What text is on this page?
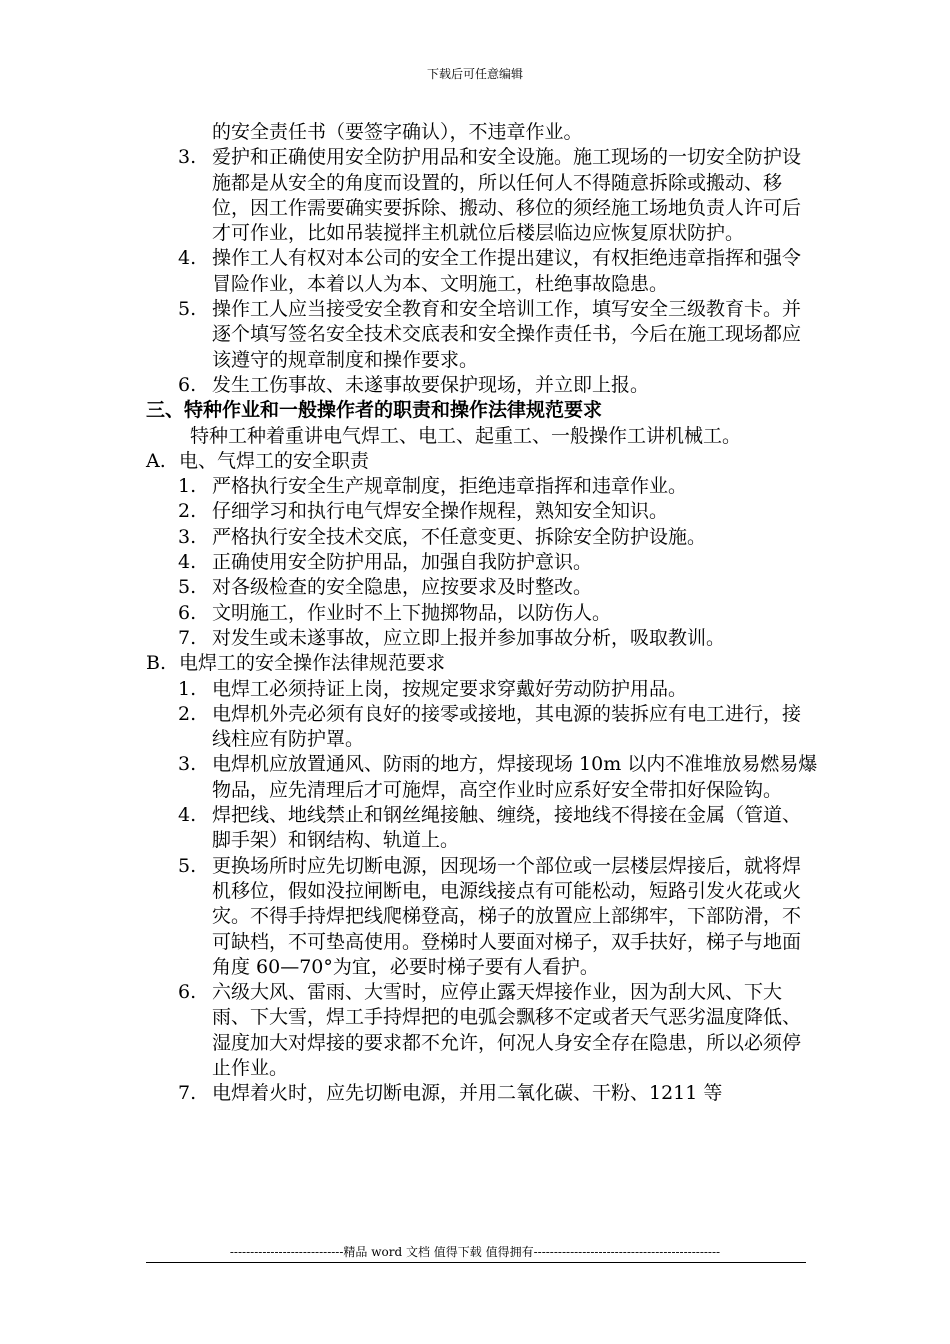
下载后可任意编辑

的安全责任书（要签字确认），不违章作业。

3. 爱护和正确使用安全防护用品和安全设施。施工现场的一切安全防护设施都是从安全的角度而设置的，所以任何人不得随意拆除或搬动、移位，因工作需要确实要拆除、搬动、移位的须经施工场地负责人许可后才可作业，比如吊装搅拌主机就位后楼层临边应恢复原状防护。

4. 操作工人有权对本公司的安全工作提出建议，有权拒绝违章指挥和强令冒险作业，本着以人为本、文明施工，杜绝事故隐患。

5. 操作工人应当接受安全教育和安全培训工作，填写安全三级教育卡。并逐个填写签名安全技术交底表和安全操作责任书，今后在施工现场都应该遵守的规章制度和操作要求。

6. 发生工伤事故、未遂事故要保护现场，并立即上报。

三、特种作业和一般操作者的职责和操作法律规范要求

特种工种着重讲电气焊工、电工、起重工、一般操作工讲机械工。

A. 电、气焊工的安全职责

1. 严格执行安全生产规章制度，拒绝违章指挥和违章作业。

2. 仔细学习和执行电气焊安全操作规程，熟知安全知识。

3. 严格执行安全技术交底，不任意变更、拆除安全防护设施。

4. 正确使用安全防护用品，加强自我防护意识。

5. 对各级检查的安全隐患，应按要求及时整改。

6. 文明施工，作业时不上下抛掷物品，以防伤人。

7. 对发生或未遂事故，应立即上报并参加事故分析，吸取教训。

B. 电焊工的安全操作法律规范要求

1. 电焊工必须持证上岗，按规定要求穿戴好劳动防护用品。

2. 电焊机外壳必须有良好的接零或接地，其电源的装拆应有电工进行，接线柱应有防护罩。

3. 电焊机应放置通风、防雨的地方，焊接现场 10m 以内不准堆放易燃易爆物品，应先清理后才可施焊，高空作业时应系好安全带扣好保险钩。

4. 焊把线、地线禁止和钢丝绳接触、缠绕，接地线不得接在金属（管道、脚手架）和钢结构、轨道上。

5. 更换场所时应先切断电源，因现场一个部位或一层楼层焊接后，就将焊机移位，假如没拉闸断电，电源线接点有可能松动，短路引发火花或火灾。不得手持焊把线爬梯登高，梯子的放置应上部绑牢，下部防滑，不可缺档，不可垫高使用。登梯时人要面对梯子，双手扶好，梯子与地面角度 60—70°为宜，必要时梯子要有人看护。

6. 六级大风、雷雨、大雪时，应停止露天焊接作业，因为刮大风、下大雨、下大雪，焊工手持焊把的电弧会飘移不定或者天气恶劣温度降低、湿度加大对焊接的要求都不允许，何况人身安全存在隐患，所以必须停止作业。

7. 电焊着火时，应先切断电源，并用二氧化碳、干粉、1211 等

----------------------------精品 word 文档 值得下载 值得拥有----------------------------------------------
